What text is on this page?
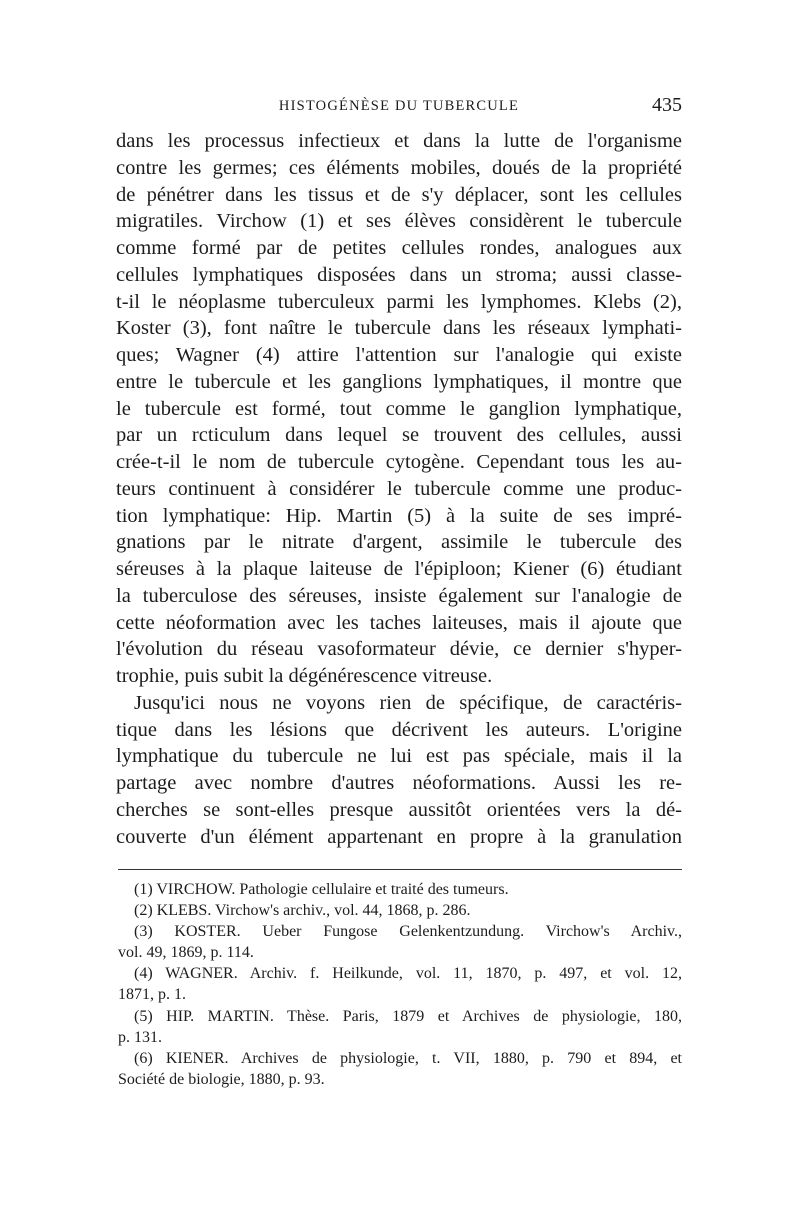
HISTOGÉNÈSE DU TUBERCULE	435
dans les processus infectieux et dans la lutte de l'organisme
contre les germes; ces éléments mobiles, doués de la propriété
de pénétrer dans les tissus et de s'y déplacer, sont les cellules
migratiles. Virchow (1) et ses élèves considèrent le tubercule
comme formé par de petites cellules rondes, analogues aux
cellules lymphatiques disposées dans un stroma; aussi classe-
t-il le néoplasme tuberculeux parmi les lymphomes. Klebs (2),
Koster (3), font naître le tubercule dans les réseaux lymphati-
ques; Wagner (4) attire l'attention sur l'analogie qui existe
entre le tubercule et les ganglions lymphatiques, il montre que
le tubercule est formé, tout comme le ganglion lymphatique,
par un rcticulum dans lequel se trouvent des cellules, aussi
crée-t-il le nom de tubercule cytogène. Cependant tous les au-
teurs continuent à considérer le tubercule comme une produc-
tion lymphatique: Hip. Martin (5) à la suite de ses impré-
gnations par le nitrate d'argent, assimile le tubercule des
séreuses à la plaque laiteuse de l'épiploon; Kiener (6) étudiant
la tuberculose des séreuses, insiste également sur l'analogie de
cette néoformation avec les taches laiteuses, mais il ajoute que
l'évolution du réseau vasoformateur dévie, ce dernier s'hyper-
trophie, puis subit la dégénérescence vitreuse.
Jusqu'ici nous ne voyons rien de spécifique, de caractéris-
tique dans les lésions que décrivent les auteurs. L'origine
lymphatique du tubercule ne lui est pas spéciale, mais il la
partage avec nombre d'autres néoformations. Aussi les re-
cherches se sont-elles presque aussitôt orientées vers la dé-
couverte d'un élément appartenant en propre à la granulation
(1) VIRCHOW. Pathologie cellulaire et traité des tumeurs.
(2) KLEBS. Virchow's archiv., vol. 44, 1868, p. 286.
(3) KOSTER. Ueber Fungose Gelenkentzundung. Virchow's Archiv.,
vol. 49, 1869, p. 114.
(4) WAGNER. Archiv. f. Heilkunde, vol. 11, 1870, p. 497, et vol. 12,
1871, p. 1.
(5) HIP. MARTIN. Thèse. Paris, 1879 et Archives de physiologie, 180,
p. 131.
(6) KIENER. Archives de physiologie, t. VII, 1880, p. 790 et 894, et
Société de biologie, 1880, p. 93.
